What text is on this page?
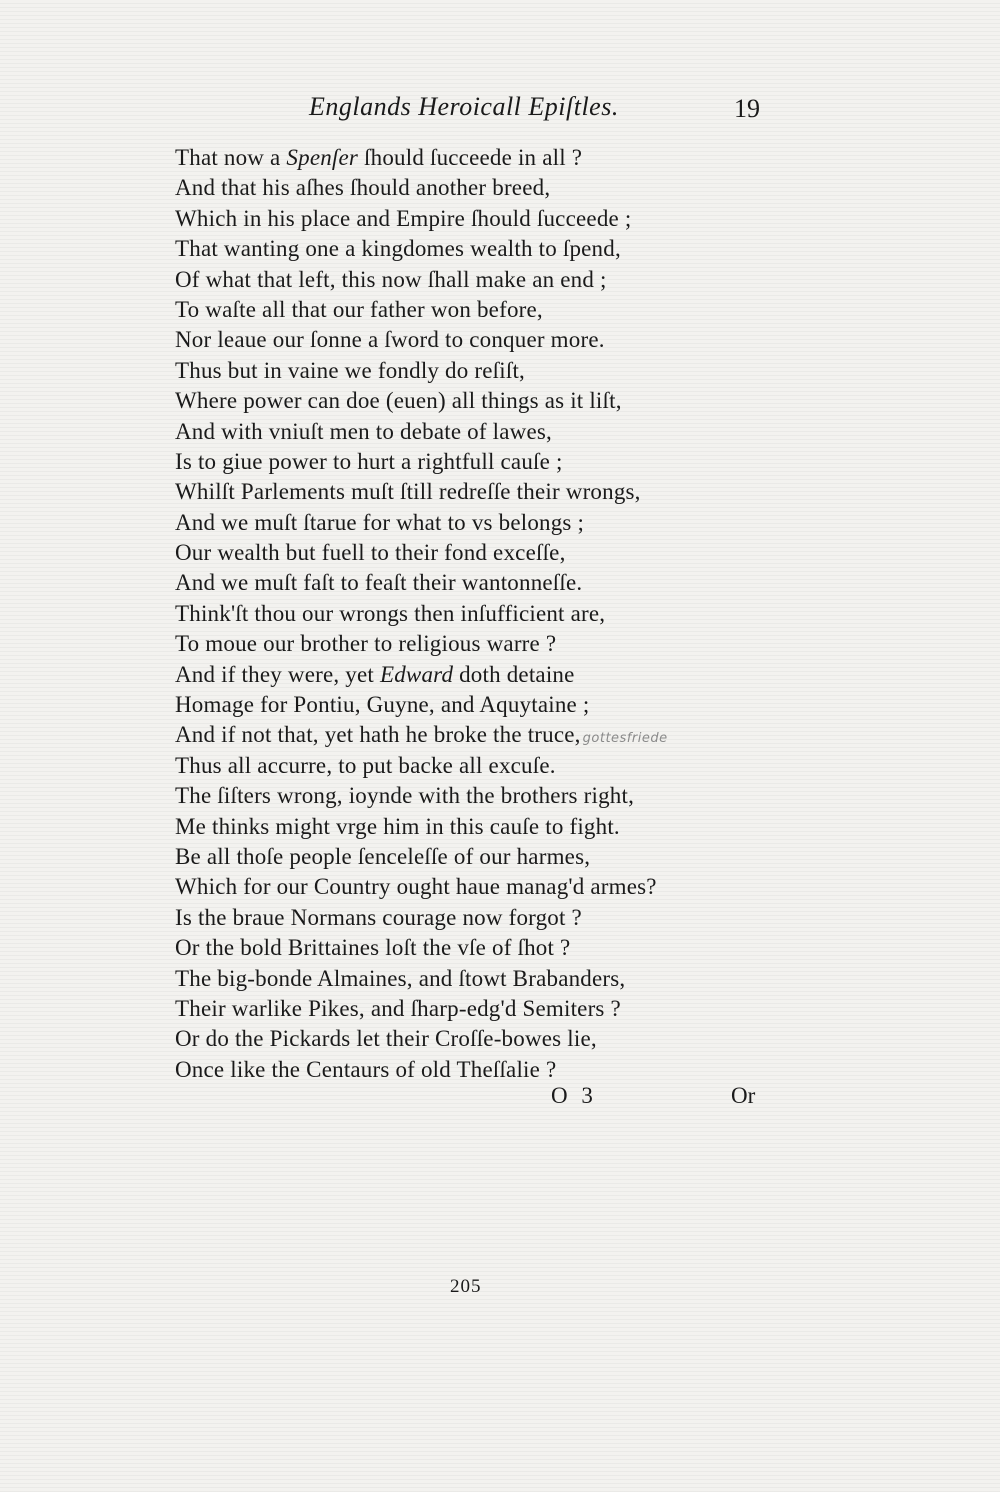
Englands Heroicall Epiſtles.	19
That now a Spenſer ſhould ſucceede in all ?
And that his aſhes ſhould another breed,
Which in his place and Empire ſhould ſucceede ;
That wanting one a kingdomes wealth to ſpend,
Of what that left, this now ſhall make an end ;
To waſte all that our father won before,
Nor leaue our ſonne a ſword to conquer more.
Thus but in vaine we fondly do reſiſt,
Where power can doe (euen) all things as it liſt,
And with vniuſt men to debate of lawes,
Is to giue power to hurt a rightfull cauſe ;
Whilſt Parlements muſt ſtill redreſſe their wrongs,
And we muſt ſtarue for what to vs belongs ;
Our wealth but fuell to their fond exceſſe,
And we muſt faſt to feaſt their wantonneſſe.
Think'ſt thou our wrongs then inſufficient are,
To moue our brother to religious warre ?
And if they were, yet Edward doth detaine
Homage for Pontiu, Guyne, and Aquytaine ;
And if not that, yet hath he broke the truce, gottesfriede
Thus all accurre, to put backe all excuſe.
The ſiſters wrong, ioynde with the brothers right,
Me thinks might vrge him in this cauſe to fight.
Be all thoſe people ſenceleſſe of our harmes,
Which for our Country ought haue manag'd armes?
Is the braue Normans courage now forgot ?
Or the bold Brittaines loſt the vſe of ſhot ?
The big-bonde Almaines, and ſtowt Brabanders,
Their warlike Pikes, and ſharp-edg'd Semiters ?
Or do the Pickards let their Croſſe-bowes lie,
Once like the Centaurs of old Theſſalie ?
O 3	Or
205
